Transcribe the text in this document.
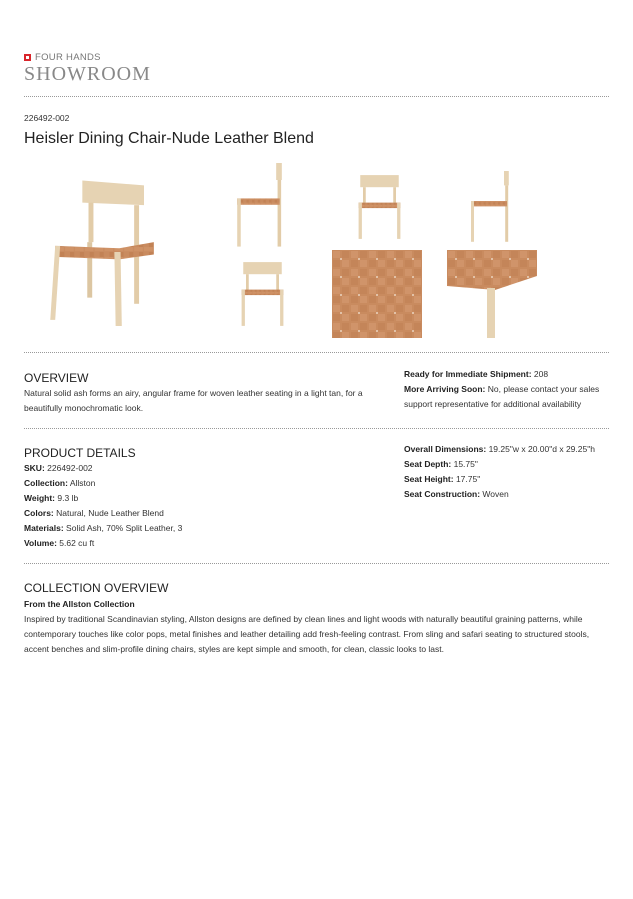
FOUR HANDS
SHOWROOM
226492-002
Heisler Dining Chair-Nude Leather Blend
OVERVIEW
Natural solid ash forms an airy, angular frame for woven leather seating in a light tan, for a beautifully monochromatic look.
Ready for Immediate Shipment: 208
More Arriving Soon: No, please contact your sales support representative for additional availability
PRODUCT DETAILS
SKU: 226492-002
Collection: Allston
Weight: 9.3 lb
Colors: Natural, Nude Leather Blend
Materials: Solid Ash, 70% Split Leather, 3
Volume: 5.62 cu ft
Overall Dimensions: 19.25"w x 20.00"d x 29.25"h
Seat Depth: 15.75"
Seat Height: 17.75"
Seat Construction: Woven
COLLECTION OVERVIEW
From the Allston Collection
Inspired by traditional Scandinavian styling, Allston designs are defined by clean lines and light woods with naturally beautiful graining patterns, while contemporary touches like color pops, metal finishes and leather detailing add fresh-feeling contrast. From sling and safari seating to structured stools, accent benches and slim-profile dining chairs, styles are kept simple and smooth, for clean, classic looks to last.
